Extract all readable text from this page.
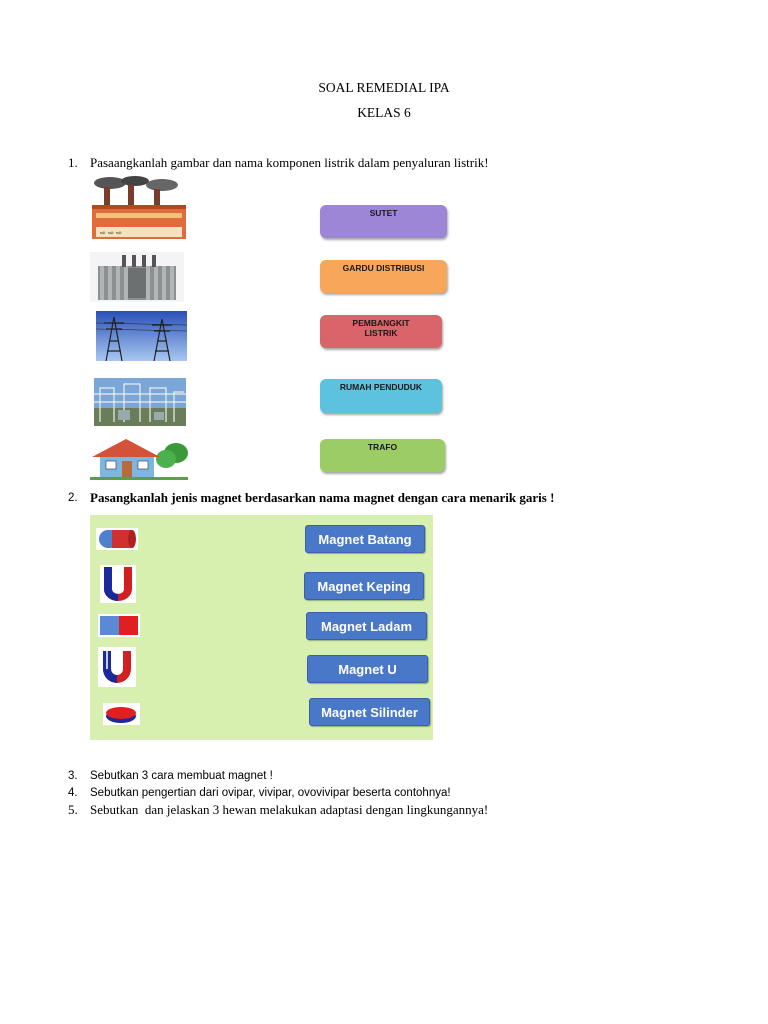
SOAL REMEDIAL IPA
KELAS 6
1. Pasaangkanlah gambar dan nama komponen listrik dalam penyaluran listrik!
⇨ ⇨ ⇨
SUTET
GARDU DISTRIBUSI
PEMBANGKIT LISTRIK
RUMAH PENDUDUK
TRAFO
2. Pasangkanlah jenis magnet berdasarkan nama magnet dengan cara menarik garis !
Magnet Batang
Magnet Keping
Magnet Ladam
Magnet U
Magnet Silinder
3. Sebutkan 3 cara membuat magnet !
4. Sebutkan pengertian dari ovipar, vivipar, ovovivipar beserta contohnya!
5. Sebutkan  dan jelaskan 3 hewan melakukan adaptasi dengan lingkungannya!
